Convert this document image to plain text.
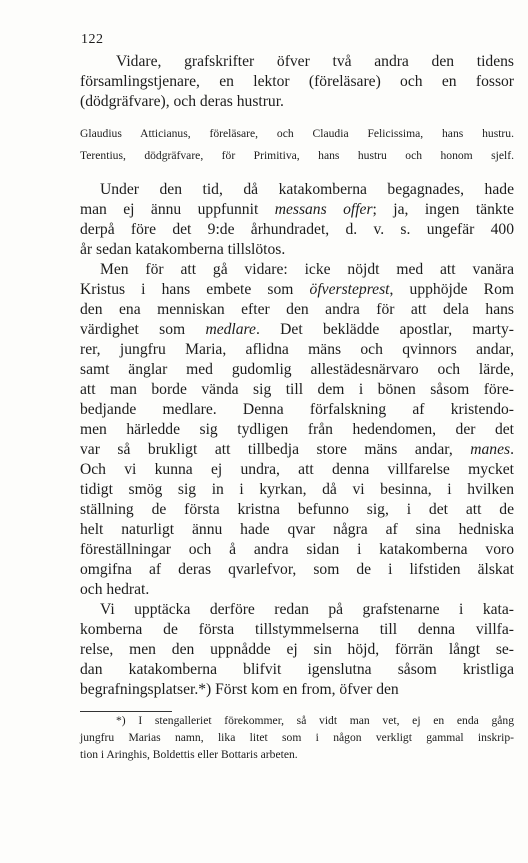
122
Vidare, grafskrifter öfver två andra den tidens
församlingstjenare, en lektor (föreläsare) och en fossor
(dödgräfvare), och deras hustrur.
Glaudius Atticianus, föreläsare, och Claudia Felicissima, hans hustru.
Terentius, dödgräfvare, för Primitiva, hans hustru och honom sjelf.
Under den tid, då katakomberna begagnades, hade
man ej ännu uppfunnit messans offer; ja, ingen tänkte
derpå före det 9:de århundradet, d. v. s. ungefär 400
år sedan katakomberna tillslötos.
Men för att gå vidare: icke nöjdt med att vanära
Kristus i hans embete som öfversteprest, upphöjde Rom
den ena menniskan efter den andra för att dela hans
värdighet som medlare. Det beklädde apostlar, marty-
rer, jungfru Maria, aflidna mäns och qvinnors andar,
samt änglar med gudomlig allestädesnärvaro och lärde,
att man borde vända sig till dem i bönen såsom före-
bedjande medlare. Denna förfalskning af kristendo-
men härledde sig tydligen från hedendomen, der det
var så brukligt att tillbedja store mäns andar, manes.
Och vi kunna ej undra, att denna villfarelse mycket
tidigt smög sig in i kyrkan, då vi besinna, i hvilken
ställning de första kristna befunno sig, i det att de
helt naturligt ännu hade qvar några af sina hedniska
föreställningar och å andra sidan i katakomberna voro
omgifna af deras qvarlefvor, som de i lifstiden älskat
och hedrat.
Vi upptäcka derföre redan på grafstenarne i kata-
komberna de första tillstymmelserna till denna villfa-
relse, men den uppnådde ej sin höjd, förrän långt se-
dan katakomberna blifvit igenslutna såsom kristliga
begrafningsplatser.*) Först kom en from, öfver den
*) I stengalleriet förekommer, så vidt man vet, ej en enda gång
jungfru Marias namn, lika litet som i någon verkligt gammal inskrip-
tion i Aringhis, Boldettis eller Bottaris arbeten.
